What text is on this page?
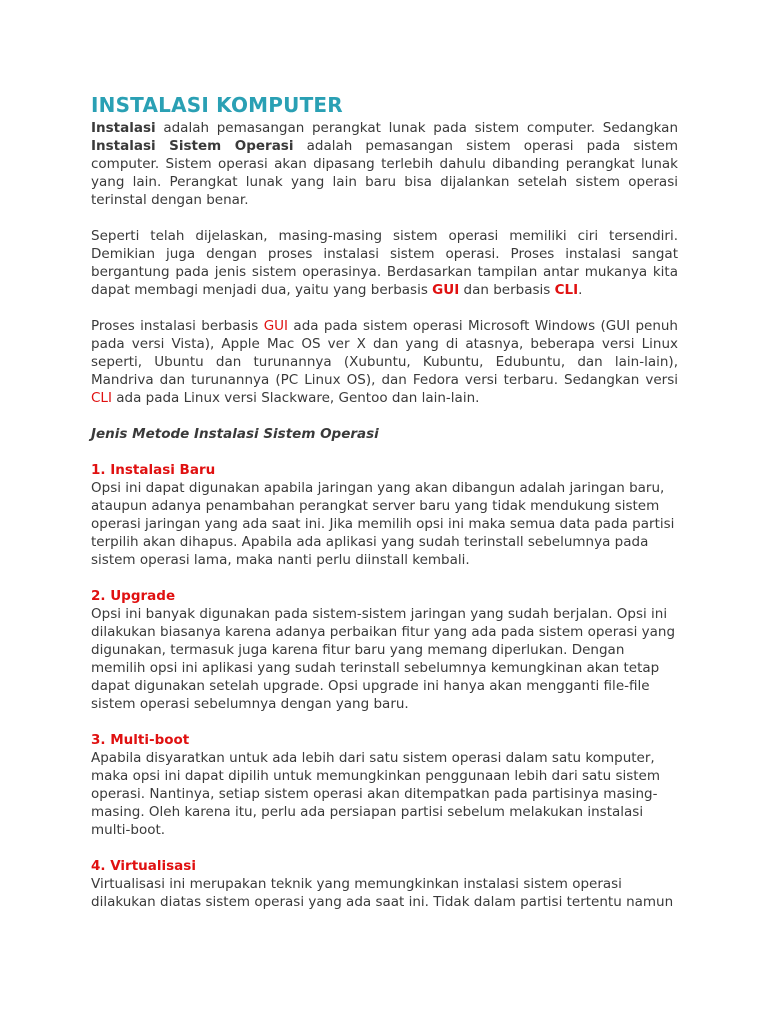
INSTALASI KOMPUTER

Instalasi adalah pemasangan perangkat lunak pada sistem computer. Sedangkan Instalasi Sistem Operasi adalah pemasangan sistem operasi pada sistem computer. Sistem operasi akan dipasang terlebih dahulu dibanding perangkat lunak yang lain. Perangkat lunak yang lain baru bisa dijalankan setelah sistem operasi terinstal dengan benar.

Seperti telah dijelaskan, masing-masing sistem operasi memiliki ciri tersendiri. Demikian juga dengan proses instalasi sistem operasi. Proses instalasi sangat bergantung pada jenis sistem operasinya. Berdasarkan tampilan antar mukanya kita dapat membagi menjadi dua, yaitu yang berbasis GUI dan berbasis CLI.

Proses instalasi berbasis GUI ada pada sistem operasi Microsoft Windows (GUI penuh pada versi Vista), Apple Mac OS ver X dan yang di atasnya, beberapa versi Linux seperti, Ubuntu dan turunannya (Xubuntu, Kubuntu, Edubuntu, dan lain-lain), Mandriva dan turunannya (PC Linux OS), dan Fedora versi terbaru. Sedangkan versi CLI ada pada Linux versi Slackware, Gentoo dan lain-lain.

Jenis Metode Instalasi Sistem Operasi

1. Instalasi Baru

Opsi ini dapat digunakan apabila jaringan yang akan dibangun adalah jaringan baru, ataupun adanya penambahan perangkat server baru yang tidak mendukung sistem operasi jaringan yang ada saat ini. Jika memilih opsi ini maka semua data pada partisi terpilih akan dihapus. Apabila ada aplikasi yang sudah terinstall sebelumnya pada sistem operasi lama, maka nanti perlu diinstall kembali.

2. Upgrade

Opsi ini banyak digunakan pada sistem-sistem jaringan yang sudah berjalan. Opsi ini dilakukan biasanya karena adanya perbaikan fitur yang ada pada sistem operasi yang digunakan, termasuk juga karena fitur baru yang memang diperlukan. Dengan memilih opsi ini aplikasi yang sudah terinstall sebelumnya kemungkinan akan tetap dapat digunakan setelah upgrade. Opsi upgrade ini hanya akan mengganti file-file sistem operasi sebelumnya dengan yang baru.

3. Multi-boot

Apabila disyaratkan untuk ada lebih dari satu sistem operasi dalam satu komputer, maka opsi ini dapat dipilih untuk memungkinkan penggunaan lebih dari satu sistem operasi. Nantinya, setiap sistem operasi akan ditempatkan pada partisinya masing-masing. Oleh karena itu, perlu ada persiapan partisi sebelum melakukan instalasi multi-boot.

4. Virtualisasi

Virtualisasi ini merupakan teknik yang memungkinkan instalasi sistem operasi dilakukan diatas sistem operasi yang ada saat ini. Tidak dalam partisi tertentu namun
